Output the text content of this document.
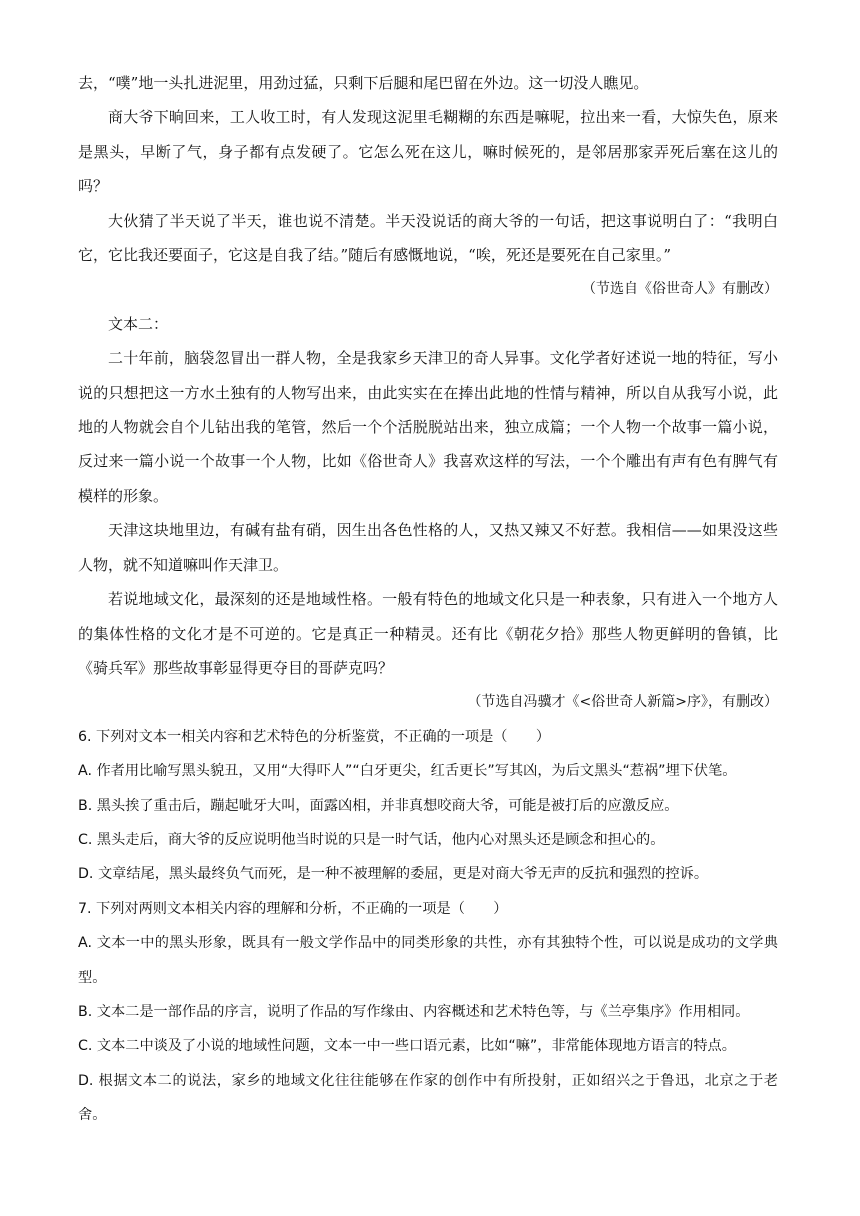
去，“噗”地一头扎进泥里，用劲过猛，只剩下后腿和尾巴留在外边。这一切没人瞧见。

商大爷下晌回来，工人收工时，有人发现这泥里毛糊糊的东西是嘛呢，拉出来一看，大惊失色，原来是黑头，早断了气，身子都有点发硬了。它怎么死在这儿，嘛时候死的，是邻居那家弄死后塞在这儿的吗？

大伙猜了半天说了半天，谁也说不清楚。半天没说话的商大爷的一句话，把这事说明白了：“我明白它，它比我还要面子，它这是自我了结。”随后有感慨地说，“唉，死还是要死在自己家里。”

（节选自《俗世奇人》有删改）

文本二：

二十年前，脑袋忽冒出一群人物，全是我家乡天津卫的奇人异事。文化学者好述说一地的特征，写小说的只想把这一方水土独有的人物写出来，由此实实在在捧出此地的性情与精神，所以自从我写小说，此地的人物就会自个儿钻出我的笔管，然后一个个活脱脱站出来，独立成篇；一个人物一个故事一篇小说，反过来一篇小说一个故事一个人物，比如《俗世奇人》我喜欢这样的写法，一个个雕出有声有色有脾气有模样的形象。

天津这块地里边，有碱有盐有硝，因生出各色性格的人，又热又辣又不好惹。我相信——如果没这些人物，就不知道嘛叫作天津卫。

若说地域文化，最深刻的还是地域性格。一般有特色的地域文化只是一种表象，只有进入一个地方人的集体性格的文化才是不可逆的。它是真正一种精灵。还有比《朝花夕拾》那些人物更鲜明的鲁镇，比《骑兵军》那些故事彰显得更夺目的哥萨克吗？

（节选自冯骥才《<俗世奇人新篇>序》，有删改）

6. 下列对文本一相关内容和艺术特色的分析鉴赏，不正确的一项是（　　）

A. 作者用比喻写黑头貌丑，又用“大得吓人”“白牙更尖，红舌更长”写其凶，为后文黑头“惹祸”埋下伏笔。

B. 黑头挨了重击后，蹦起呲牙大叫，面露凶相，并非真想咬商大爷，可能是被打后的应激反应。

C. 黑头走后，商大爷的反应说明他当时说的只是一时气话，他内心对黑头还是顾念和担心的。

D. 文章结尾，黑头最终负气而死，是一种不被理解的委屈，更是对商大爷无声的反抗和强烈的控诉。

7. 下列对两则文本相关内容的理解和分析，不正确的一项是（　　）

A. 文本一中的黑头形象，既具有一般文学作品中的同类形象的共性，亦有其独特个性，可以说是成功的文学典型。

B. 文本二是一部作品的序言，说明了作品的写作缘由、内容概述和艺术特色等，与《兰亭集序》作用相同。

C. 文本二中谈及了小说的地域性问题，文本一中一些口语元素，比如“嘛”，非常能体现地方语言的特点。

D. 根据文本二的说法，家乡的地域文化往往能够在作家的创作中有所投射，正如绍兴之于鲁迅，北京之于老舍。
